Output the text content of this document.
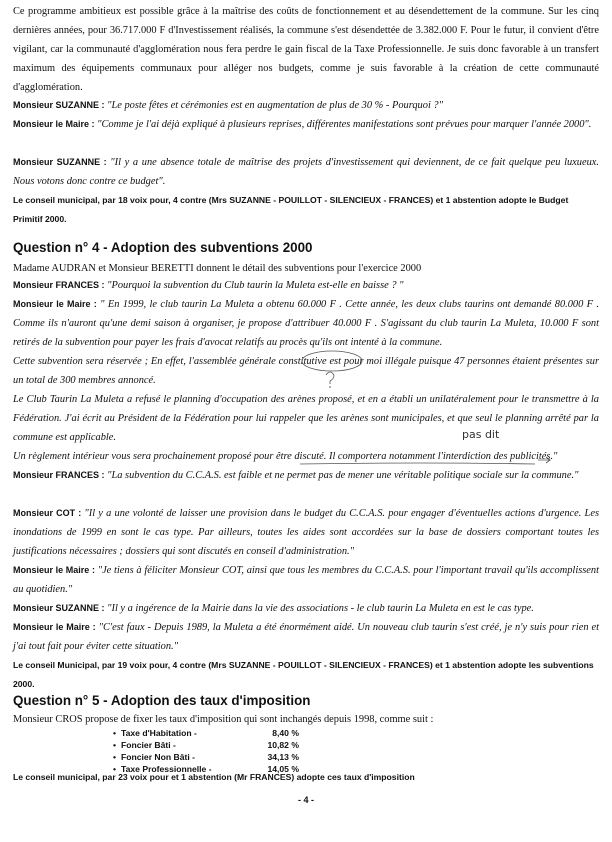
Ce programme ambitieux est possible grâce à la maîtrise des coûts de fonctionnement et au désendettement de la commune. Sur les cinq dernières années, pour 36.717.000 F d'Investissement réalisés, la commune s'est désendettée de 3.382.000 F. Pour le futur, il convient d'être vigilant, car la communauté d'agglomération nous fera perdre le gain fiscal de la Taxe Professionnelle. Je suis donc favorable à un transfert maximum des équipements communaux pour alléger nos budgets, comme je suis favorable à la création de cette communauté d'agglomération.

Monsieur SUZANNE : "Le poste fêtes et cérémonies est en augmentation de plus de 30 % - Pourquoi ?"

Monsieur le Maire : "Comme je l'ai déjà expliqué à plusieurs reprises, différentes manifestations sont prévues pour marquer l'année 2000".

Monsieur SUZANNE : "Il y a une absence totale de maîtrise des projets d'investissement qui deviennent, de ce fait quelque peu luxueux. Nous votons donc contre ce budget".

Le conseil municipal, par 18 voix pour, 4 contre (Mrs SUZANNE - POUILLOT - SILENCIEUX - FRANCES) et 1 abstention adopte le Budget Primitif 2000.

Question n° 4 - Adoption des subventions 2000

Madame AUDRAN et Monsieur BERETTI donnent le détail des subventions pour l'exercice 2000

Monsieur FRANCES : "Pourquoi la subvention du Club taurin la Muleta est-elle en baisse ? "

Monsieur le Maire : " En 1999, le club taurin La Muleta a obtenu 60.000 F . Cette année, les deux clubs taurins ont demandé 80.000 F . Comme ils n'auront qu'une demi saison à organiser, je propose d'attribuer 40.000 F . S'agissant du club taurin La Muleta, 10.000 F sont retirés de la subvention pour payer les frais d'avocat relatifs au procès qu'ils ont intenté à la commune.

Cette subvention sera réservée ; En effet, l'assemblée générale constitutive est pour moi illégale puisque 47 personnes étaient présentes sur un total de 300 membres annoncé.

Le Club Taurin La Muleta a refusé le planning d'occupation des arènes proposé, et en a établi un unilatéralement pour le transmettre à la Fédération. J'ai écrit au Président de la Fédération pour lui rappeler que les arènes sont municipales, et que seul le planning arrêté par la commune est applicable.	pas dit

Un règlement intérieur vous sera prochainement proposé pour être discuté. Il comportera notamment l'interdiction des publicités."

Monsieur FRANCES : "La subvention du C.C.A.S. est faible et ne permet pas de mener une véritable politique sociale sur la commune."

Monsieur COT : "Il y a une volonté de laisser une provision dans le budget du C.C.A.S. pour engager d'éventuelles actions d'urgence. Les inondations de 1999 en sont le cas type. Par ailleurs, toutes les aides sont accordées sur la base de dossiers comportant toutes les justifications nécessaires ; dossiers qui sont discutés en conseil d'administration."

Monsieur le Maire : "Je tiens à féliciter Monsieur COT, ainsi que tous les membres du C.C.A.S. pour l'important travail qu'ils accomplissent au quotidien."

Monsieur SUZANNE : "Il y a ingérence de la Mairie dans la vie des associations - le club taurin La Muleta en est le cas type.

Monsieur le Maire : "C'est faux - Depuis 1989, la Muleta a été énormément aidé. Un nouveau club taurin s'est créé, je n'y suis pour rien et j'ai tout fait pour éviter cette situation."

Le conseil Municipal, par 19 voix pour, 4 contre (Mrs SUZANNE - POUILLOT - SILENCIEUX - FRANCES) et 1 abstention adopte les subventions 2000.

Question n° 5 - Adoption des taux d'imposition

Monsieur CROS propose de fixer les taux d'imposition qui sont inchangés depuis 1998, comme suit :

• Taxe d'Habitation -	8,40 %
• Foncier Bâti -	10,82 %
• Foncier Non Bâti -	34,13 %
• Taxe Professionnelle -	14,05 %

Le conseil municipal, par 23 voix pour et 1 abstention (Mr FRANCES) adopte ces taux d'imposition

- 4 -
